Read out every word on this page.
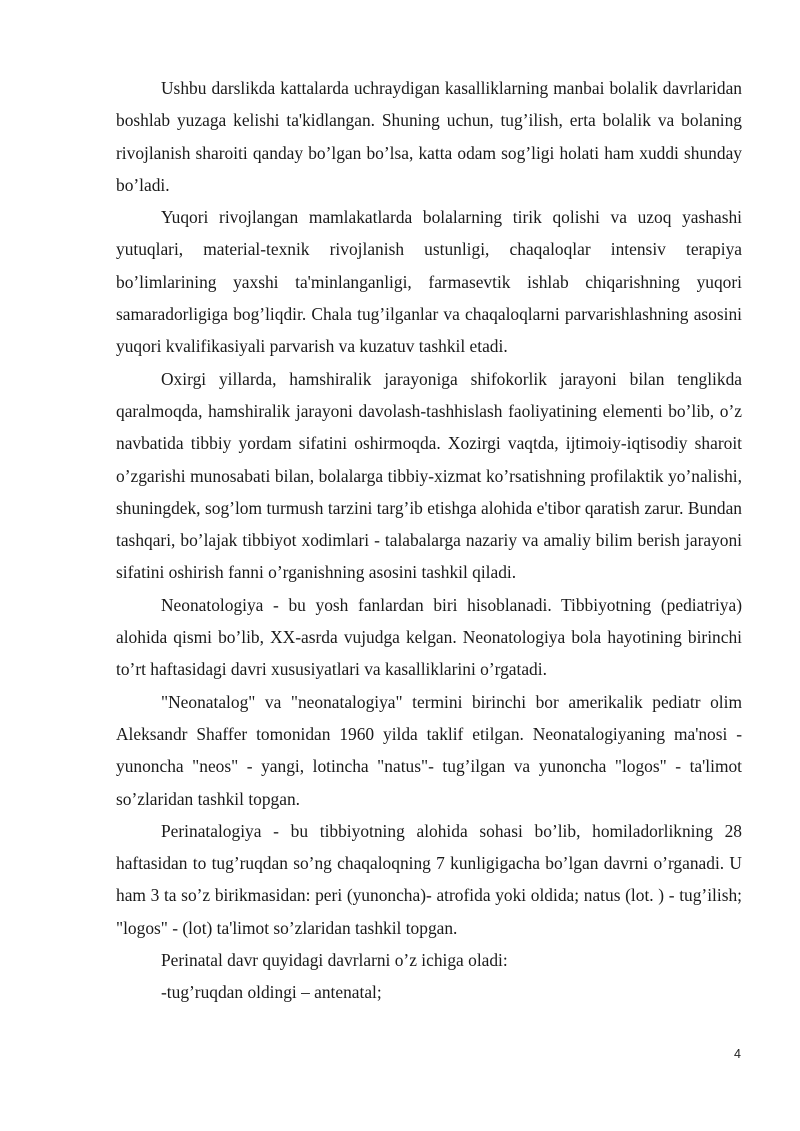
Ushbu darslikda kattalarda uchraydigan kasalliklarning manbai bolalik davrlaridan boshlab yuzaga kelishi ta'kidlangan. Shuning uchun, tug’ilish, erta bolalik va bolaning rivojlanish sharoiti qanday bo’lgan bo’lsa, katta odam sog’ligi holati ham xuddi shunday bo’ladi.

Yuqori rivojlangan mamlakatlarda bolalarning tirik qolishi va uzoq yashashi yutuqlari, material-texnik rivojlanish ustunligi, chaqaloqlar intensiv terapiya bo’limlarining yaxshi ta'minlanganligi, farmasevtik ishlab chiqarishning yuqori samaradorligiga bog’liqdir. Chala tug’ilganlar va chaqaloqlarni parvarishlashning asosini yuqori kvalifikasiyali parvarish va kuzatuv tashkil etadi.

Oxirgi yillarda, hamshiralik jarayoniga shifokorlik jarayoni bilan tenglikda qaralmoqda, hamshiralik jarayoni davolash-tashhislash faoliyatining elementi bo’lib, o’z navbatida tibbiy yordam sifatini oshirmoqda. Xozirgi vaqtda, ijtimoiy-iqtisodiy sharoit o’zgarishi munosabati bilan, bolalarga tibbiy-xizmat ko’rsatishning profilaktik yo’nalishi, shuningdek, sog’lom turmush tarzini targ’ib etishga alohida e'tibor qaratish zarur. Bundan tashqari, bo’lajak tibbiyot xodimlari - talabalarga nazariy va amaliy bilim berish jarayoni sifatini oshirish fanni o’rganishning asosini tashkil qiladi.

Neonatologiya - bu yosh fanlardan biri hisoblanadi. Tibbiyotning (pediatriya) alohida qismi bo’lib, XX-asrda vujudga kelgan. Neonatologiya bola hayotining birinchi to’rt haftasidagi davri xususiyatlari va kasalliklarini o’rgatadi.

"Neonatalog" va "neonatalogiya" termini birinchi bor amerikalik pediatr olim Aleksandr Shaffer tomonidan 1960 yilda taklif etilgan. Neonatalogiyaning ma'nosi - yunoncha "neos" - yangi, lotincha "natus"- tug’ilgan va yunoncha "logos" - ta'limot so’zlaridan tashkil topgan.

Perinatalogiya - bu tibbiyotning alohida sohasi bo’lib, homiladorlikning 28 haftasidan to tug’ruqdan so’ng chaqaloqning 7 kunligigacha bo’lgan davrni o’rganadi. U ham 3 ta so’z birikmasidan: peri (yunoncha)- atrofida yoki oldida; natus (lot. ) - tug’ilish; "logos" - (lot) ta'limot so’zlaridan tashkil topgan.

Perinatal davr quyidagi davrlarni o’z ichiga oladi:

-tug’ruqdan oldingi – antenatal;

4
